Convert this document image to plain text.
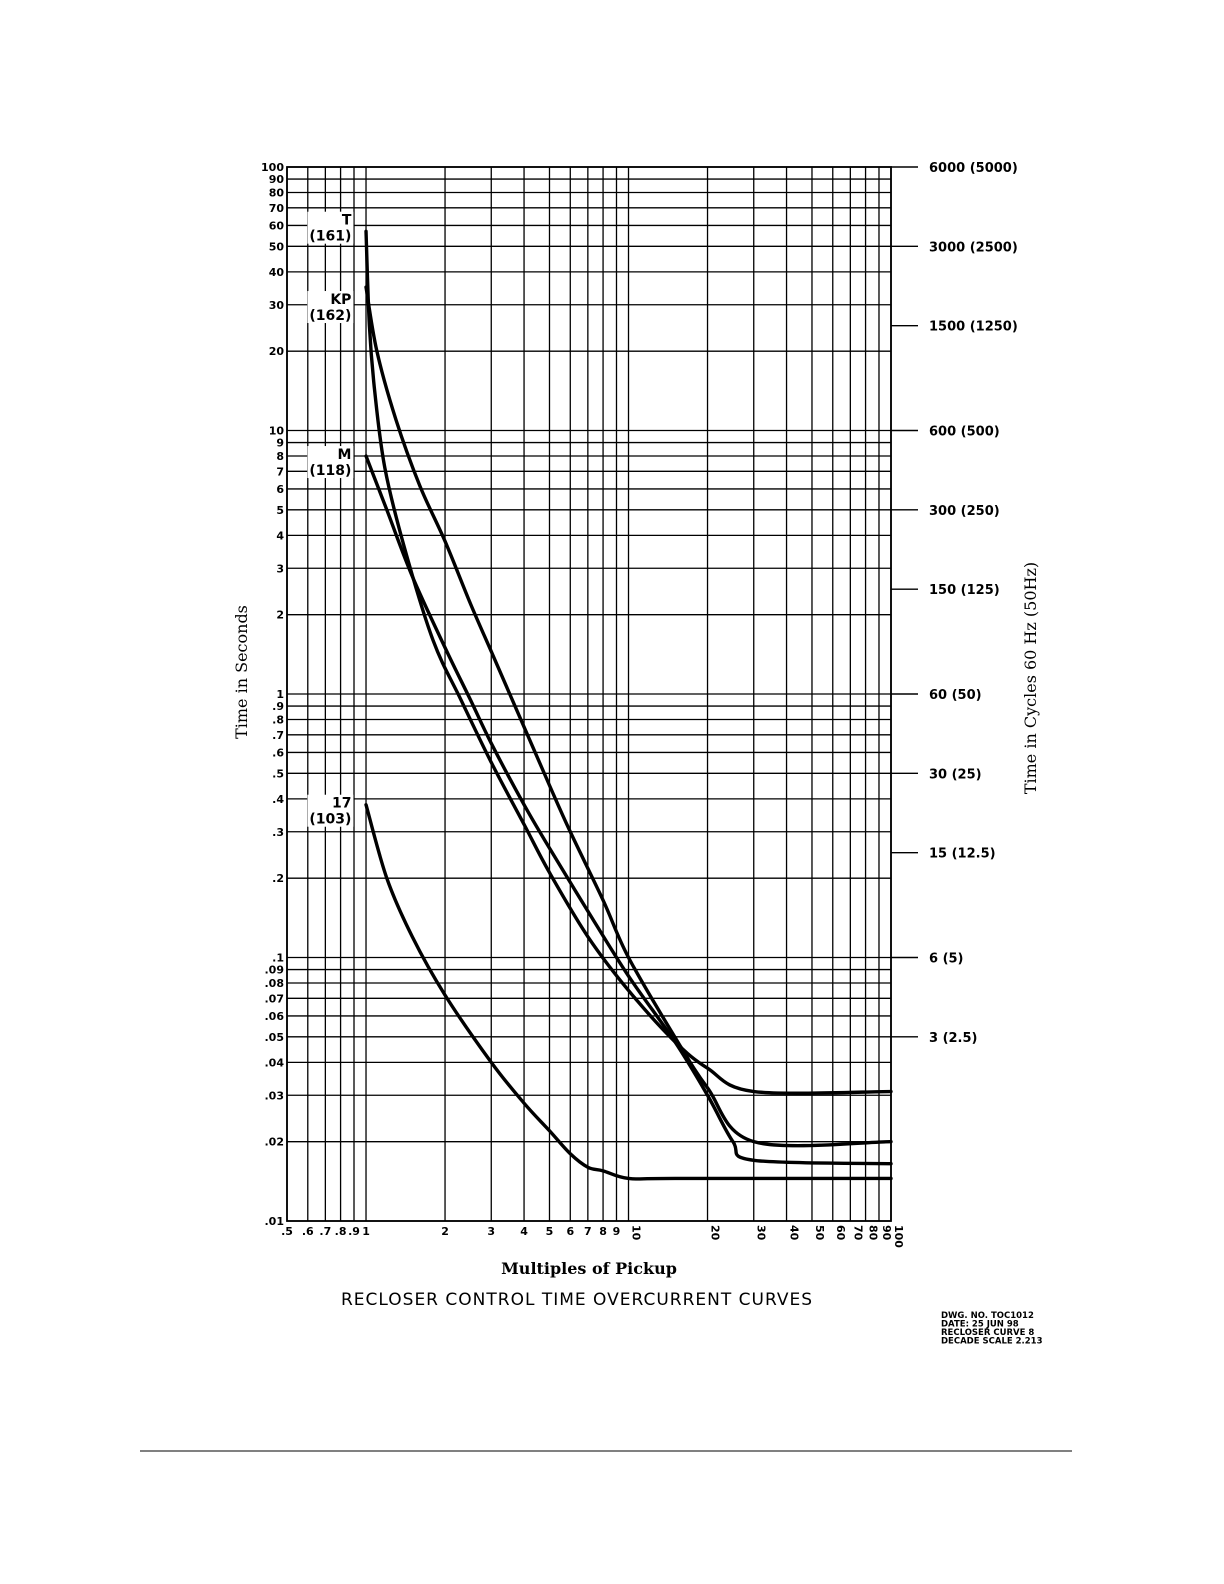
.5 .6 .7 .8 .9 1	2	3 4 5 6 7 8 9 10	20	30 40 50 60 70 80 90 100
.01
.02
.03
.04
.05
.06
.07
.08
.09
.1
.2
.3
.4
.5
.6
.7
.8
.9
1
2
3
4
5
6
7
8
9
10
20
30
40
50
60
70
80
90
100	6000 (5000)
3000 (2500)
1500 (1250)
600 (500)
300 (250)
150 (125)
60 (50)
30 (25)
15 (12.5)
6 (5)
3 (2.5)
T
(161)
KP
(162)
M
(118)
17
(103)
Time in Seconds	Time in Cycles 60 Hz (50Hz)
Multiples of Pickup
RECLOSER CONTROL TIME OVERCURRENT CURVES
DWG. NO. TOC1012
DATE: 25 JUN 98
RECLOSER CURVE 8
DECADE SCALE 2.213
